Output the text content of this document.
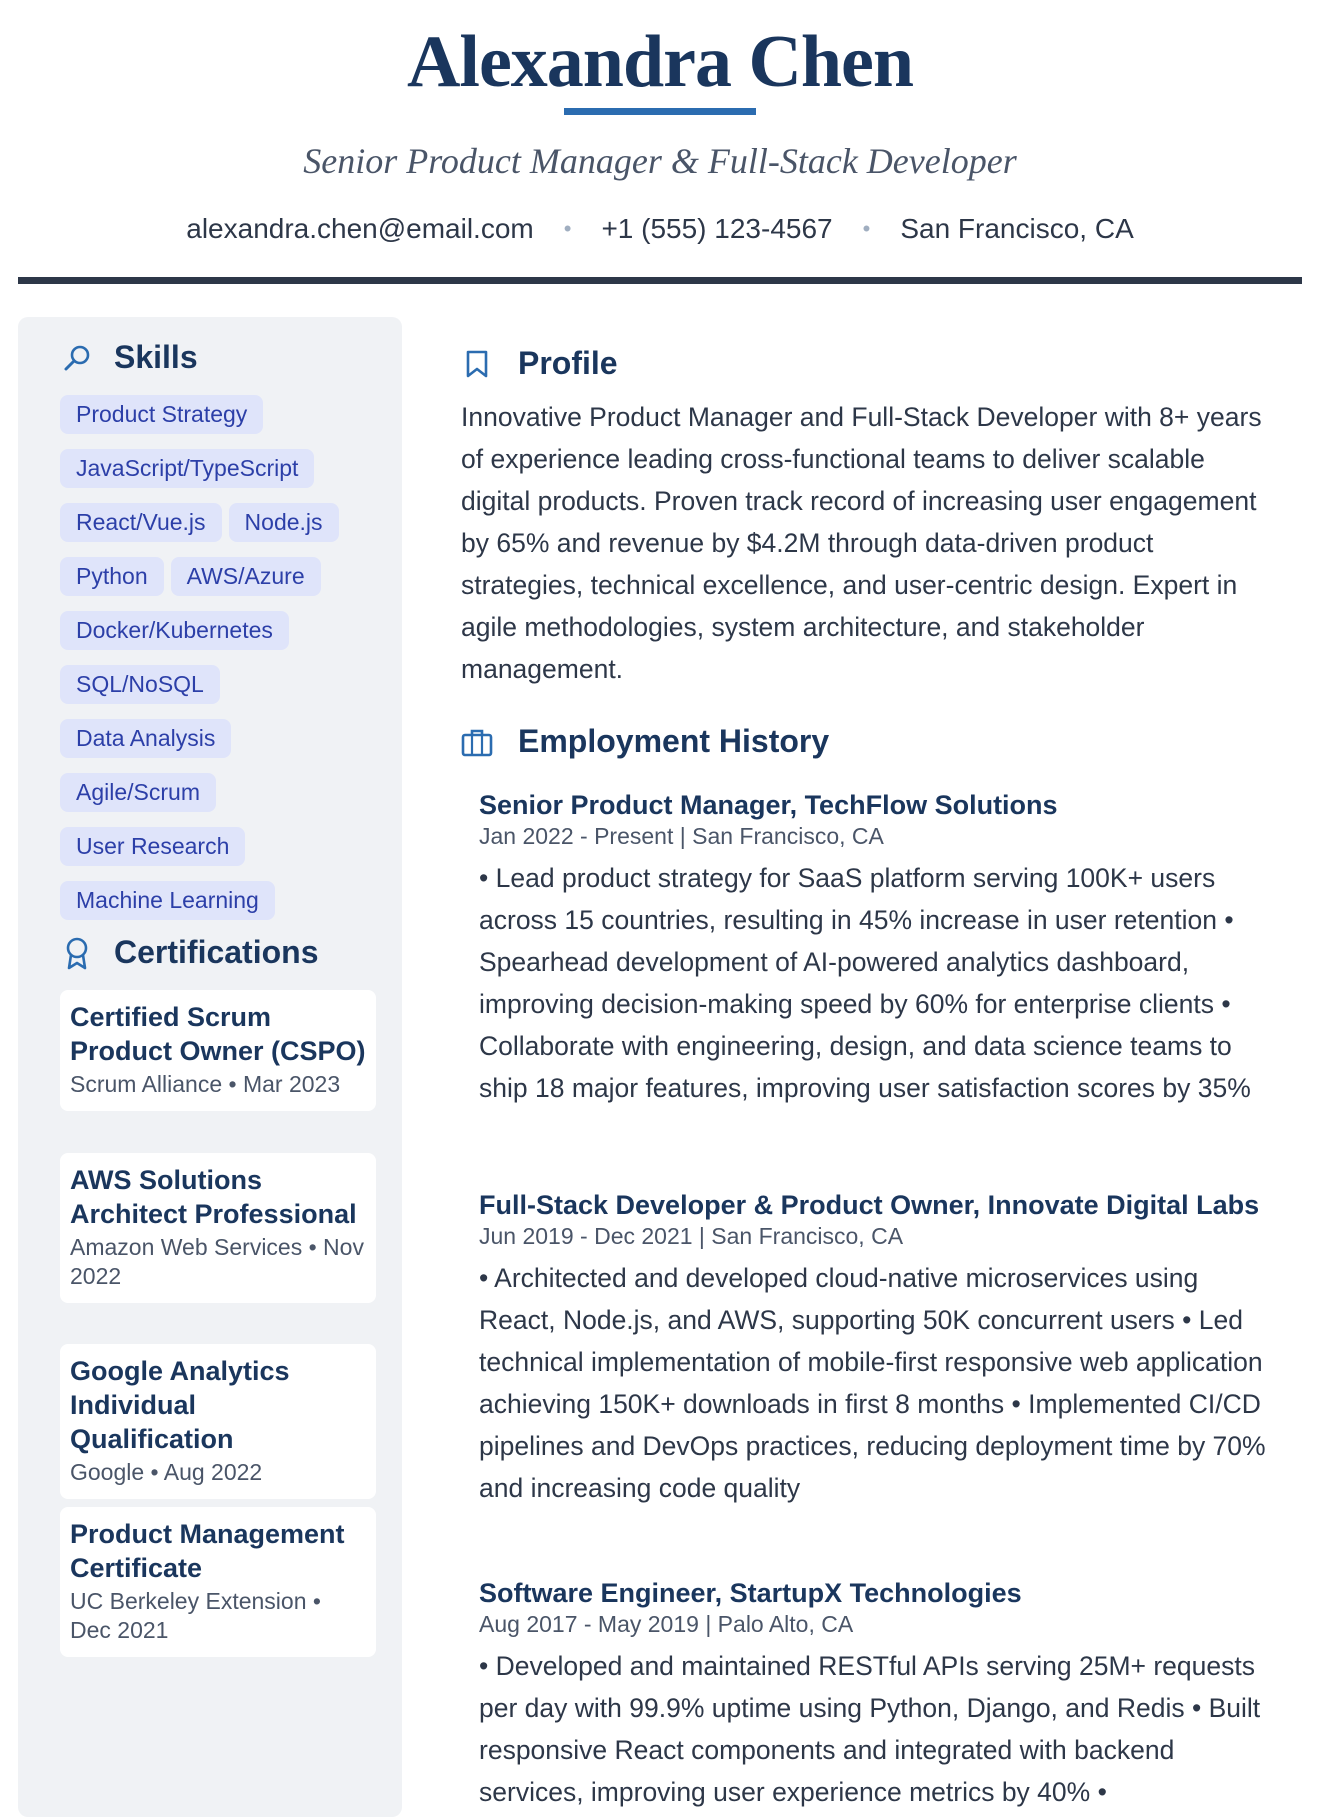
Alexandra Chen
Senior Product Manager & Full-Stack Developer
alexandra.chen@email.com • +1 (555) 123-4567 • San Francisco, CA
Skills
Product Strategy
JavaScript/TypeScript
React/Vue.js Node.js
Python AWS/Azure
Docker/Kubernetes
SQL/NoSQL
Data Analysis
Agile/Scrum
User Research
Machine Learning
Certifications
Certified Scrum Product Owner (CSPO)
Scrum Alliance • Mar 2023
AWS Solutions Architect Professional
Amazon Web Services • Nov 2022
Google Analytics Individual Qualification
Google • Aug 2022
Product Management Certificate
UC Berkeley Extension • Dec 2021
Profile
Innovative Product Manager and Full-Stack Developer with 8+ years of experience leading cross-functional teams to deliver scalable digital products. Proven track record of increasing user engagement by 65% and revenue by $4.2M through data-driven product strategies, technical excellence, and user-centric design. Expert in agile methodologies, system architecture, and stakeholder management.
Employment History
Senior Product Manager, TechFlow Solutions
Jan 2022 - Present | San Francisco, CA
• Lead product strategy for SaaS platform serving 100K+ users across 15 countries, resulting in 45% increase in user retention • Spearhead development of AI-powered analytics dashboard, improving decision-making speed by 60% for enterprise clients • Collaborate with engineering, design, and data science teams to ship 18 major features, improving user satisfaction scores by 35%
Full-Stack Developer & Product Owner, Innovate Digital Labs
Jun 2019 - Dec 2021 | San Francisco, CA
• Architected and developed cloud-native microservices using React, Node.js, and AWS, supporting 50K concurrent users • Led technical implementation of mobile-first responsive web application achieving 150K+ downloads in first 8 months • Implemented CI/CD pipelines and DevOps practices, reducing deployment time by 70% and increasing code quality
Software Engineer, StartupX Technologies
Aug 2017 - May 2019 | Palo Alto, CA
• Developed and maintained RESTful APIs serving 25M+ requests per day with 99.9% uptime using Python, Django, and Redis • Built responsive React components and integrated with backend services, improving user experience metrics by 40% •
